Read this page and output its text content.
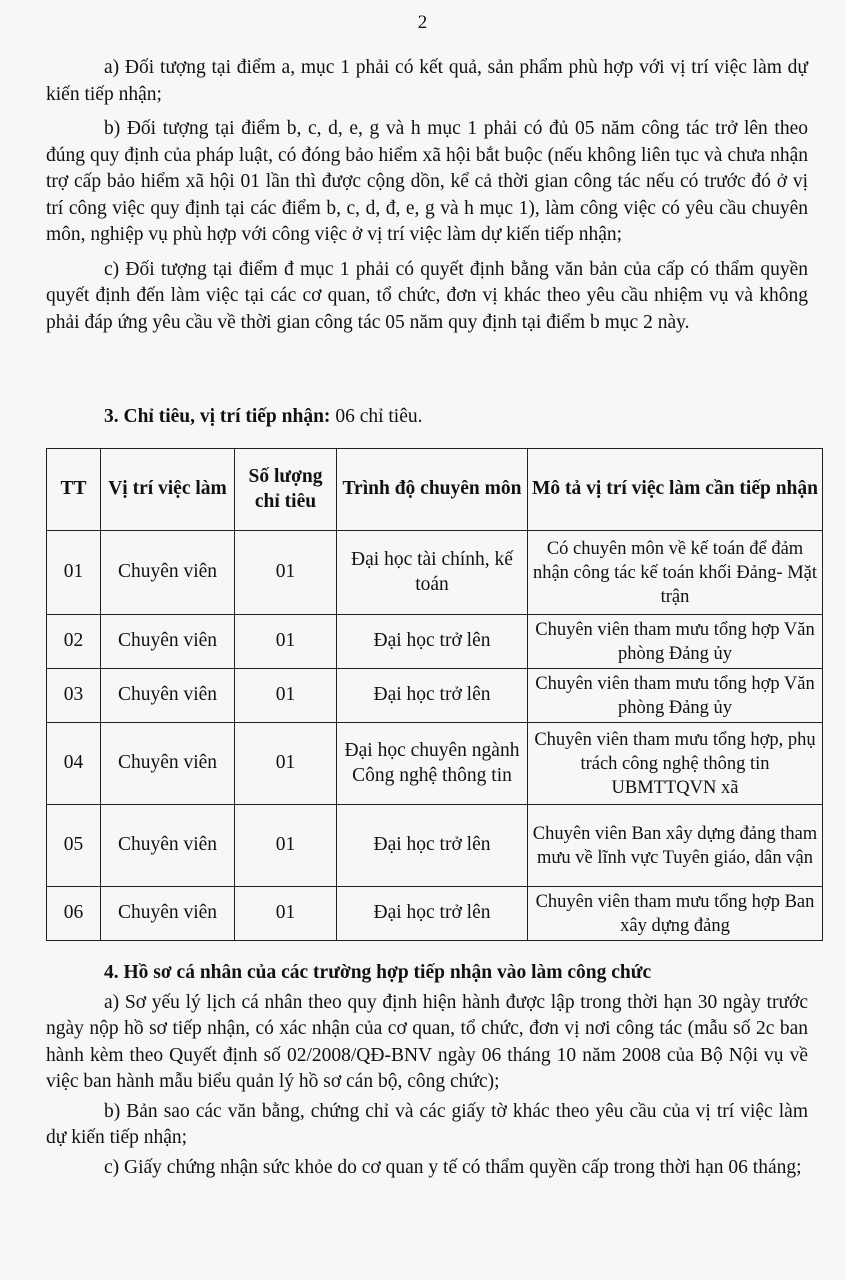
2

a) Đối tượng tại điểm a, mục 1 phải có kết quả, sản phẩm phù hợp với vị trí việc làm dự kiến tiếp nhận;

b) Đối tượng tại điểm b, c, d, e, g và h mục 1 phải có đủ 05 năm công tác trở lên theo đúng quy định của pháp luật, có đóng bảo hiểm xã hội bắt buộc (nếu không liên tục và chưa nhận trợ cấp bảo hiểm xã hội 01 lần thì được cộng dồn, kể cả thời gian công tác nếu có trước đó ở vị trí công việc quy định tại các điểm b, c, d, đ, e, g và h mục 1), làm công việc có yêu cầu chuyên môn, nghiệp vụ phù hợp với công việc ở vị trí việc làm dự kiến tiếp nhận;

c) Đối tượng tại điểm đ mục 1 phải có quyết định bằng văn bản của cấp có thẩm quyền quyết định đến làm việc tại các cơ quan, tổ chức, đơn vị khác theo yêu cầu nhiệm vụ và không phải đáp ứng yêu cầu về thời gian công tác 05 năm quy định tại điểm b mục 2 này.

3. Chỉ tiêu, vị trí tiếp nhận: 06 chỉ tiêu.

TT	Vị trí việc làm	Số lượng chỉ tiêu	Trình độ chuyên môn	Mô tả vị trí việc làm cần tiếp nhận
01	Chuyên viên	01	Đại học tài chính, kế toán	Có chuyên môn về kế toán để đảm nhận công tác kế toán khối Đảng- Mặt trận
02	Chuyên viên	01	Đại học trở lên	Chuyên viên tham mưu tổng hợp Văn phòng Đảng ủy
03	Chuyên viên	01	Đại học trở lên	Chuyên viên tham mưu tổng hợp Văn phòng Đảng ủy
04	Chuyên viên	01	Đại học chuyên ngành Công nghệ thông tin	Chuyên viên tham mưu tổng hợp, phụ trách công nghệ thông tin UBMTTQVN xã
05	Chuyên viên	01	Đại học trở lên	Chuyên viên Ban xây dựng đảng tham mưu về lĩnh vực Tuyên giáo, dân vận
06	Chuyên viên	01	Đại học trở lên	Chuyên viên tham mưu tổng hợp Ban xây dựng đảng

4. Hồ sơ cá nhân của các trường hợp tiếp nhận vào làm công chức

a) Sơ yếu lý lịch cá nhân theo quy định hiện hành được lập trong thời hạn 30 ngày trước ngày nộp hồ sơ tiếp nhận, có xác nhận của cơ quan, tổ chức, đơn vị nơi công tác (mẫu số 2c ban hành kèm theo Quyết định số 02/2008/QĐ-BNV ngày 06 tháng 10 năm 2008 của Bộ Nội vụ về việc ban hành mẫu biểu quản lý hồ sơ cán bộ, công chức);

b) Bản sao các văn bằng, chứng chỉ và các giấy tờ khác theo yêu cầu của vị trí việc làm dự kiến tiếp nhận;

c) Giấy chứng nhận sức khỏe do cơ quan y tế có thẩm quyền cấp trong thời hạn 06 tháng;
